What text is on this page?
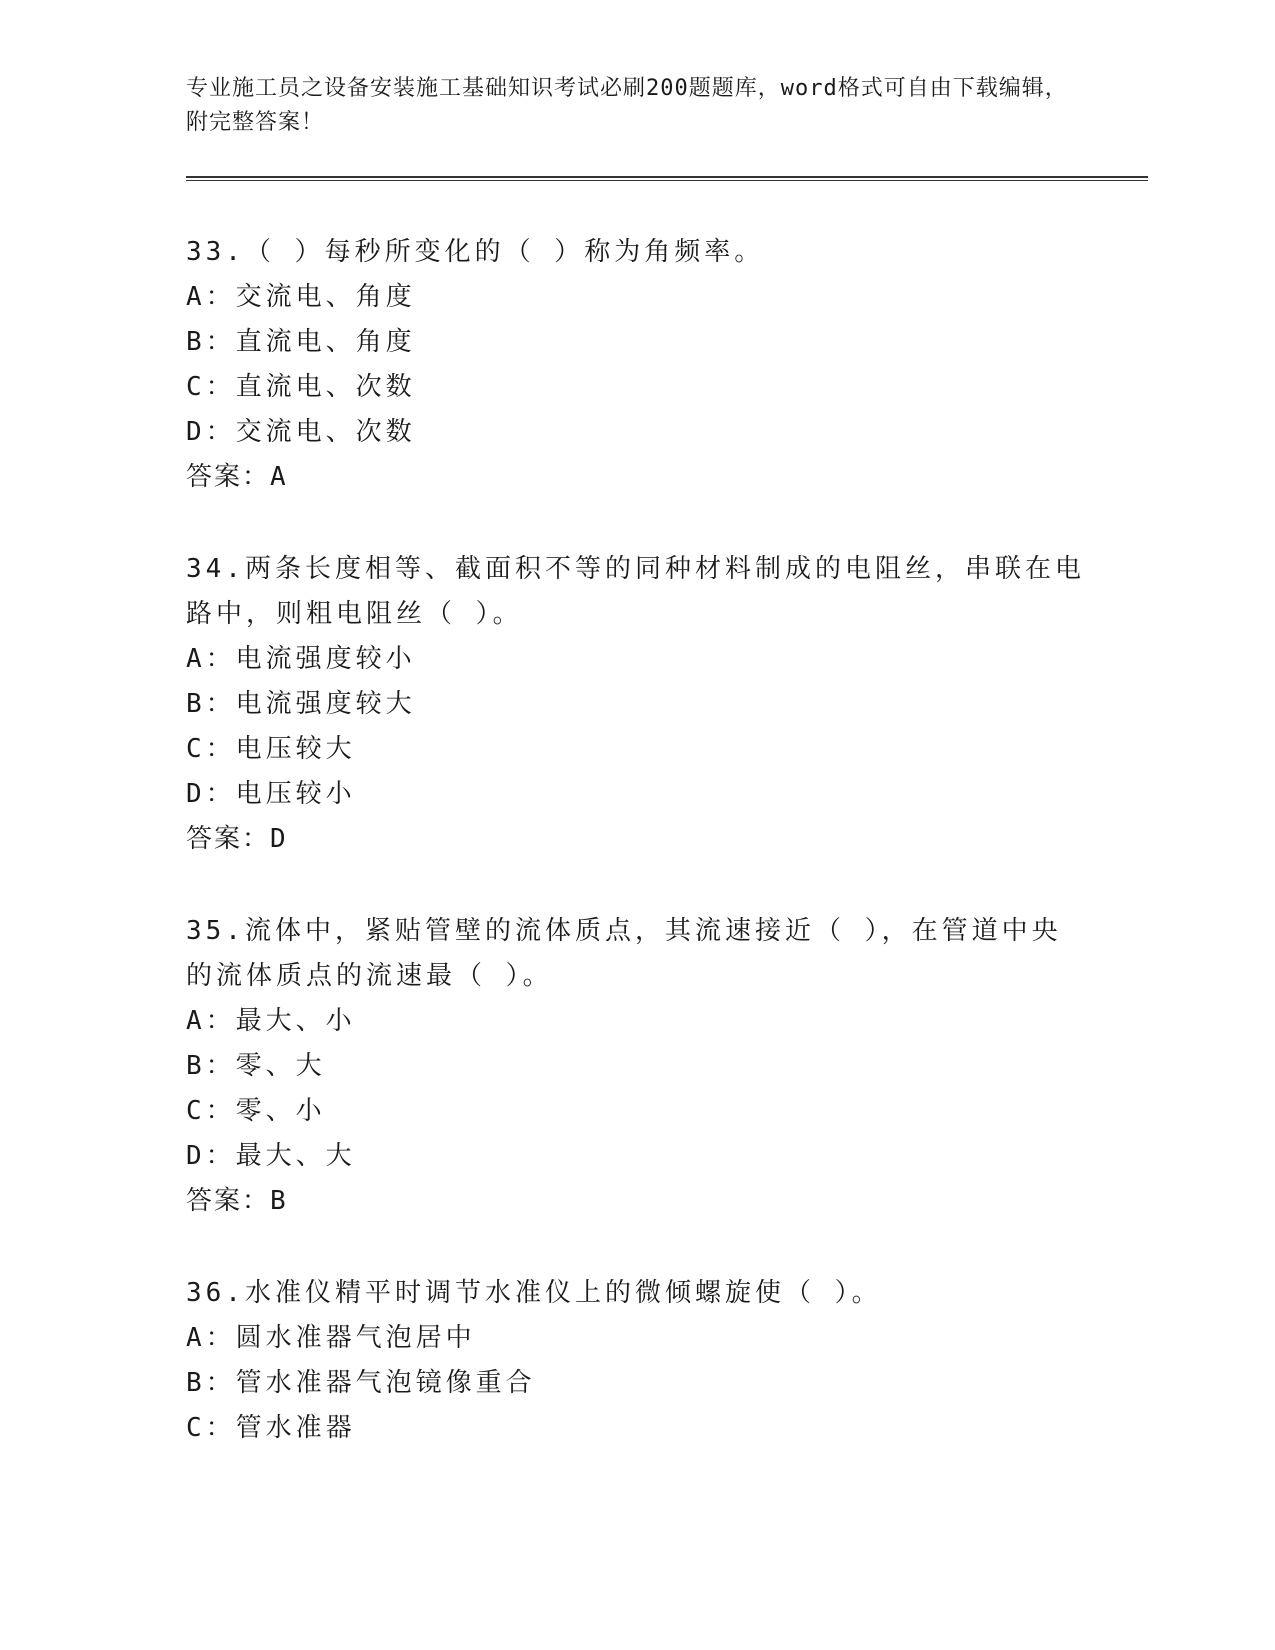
专业施工员之设备安装施工基础知识考试必刷200题题库，word格式可自由下载编辑，附完整答案！
33.（ ）每秒所变化的（ ）称为角频率。
A：交流电、角度
B：直流电、角度
C：直流电、次数
D：交流电、次数
答案：A
34.两条长度相等、截面积不等的同种材料制成的电阻丝，串联在电路中，则粗电阻丝（ ）。
A：电流强度较小
B：电流强度较大
C：电压较大
D：电压较小
答案：D
35.流体中，紧贴管壁的流体质点，其流速接近（ ），在管道中央的流体质点的流速最（ ）。
A：最大、小
B：零、大
C：零、小
D：最大、大
答案：B
36.水准仪精平时调节水准仪上的微倾螺旋使（ ）。
A：圆水准器气泡居中
B：管水准器气泡镜像重合
C：管水准器
